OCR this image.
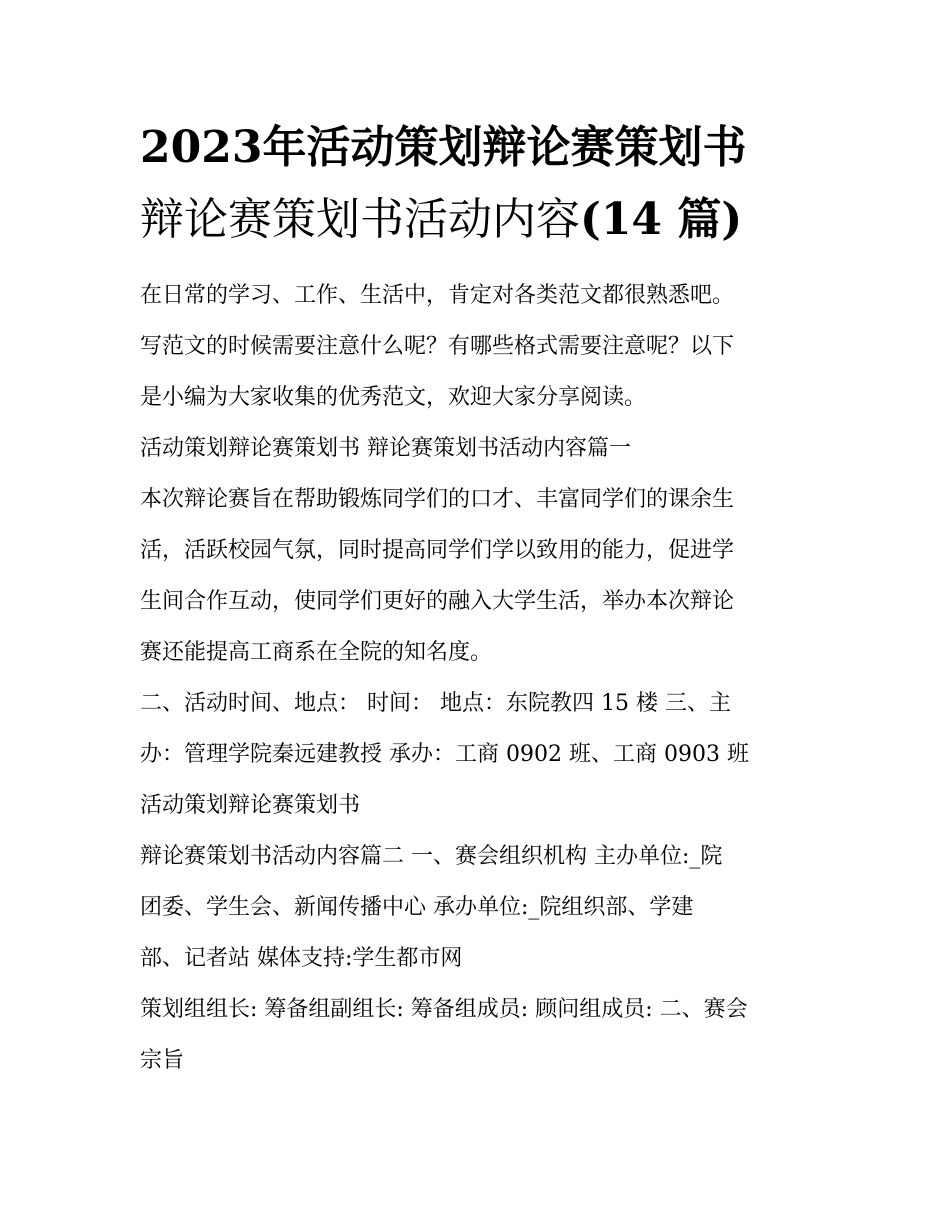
2023年活动策划辩论赛策划书
辩论赛策划书活动内容(14 篇)

在日常的学习、工作、生活中，肯定对各类范文都很熟悉吧。
写范文的时候需要注意什么呢？有哪些格式需要注意呢？以下
是小编为大家收集的优秀范文，欢迎大家分享阅读。

活动策划辩论赛策划书 辩论赛策划书活动内容篇一

本次辩论赛旨在帮助锻炼同学们的口才、丰富同学们的课余生
活，活跃校园气氛，同时提高同学们学以致用的能力，促进学
生间合作互动，使同学们更好的融入大学生活，举办本次辩论
赛还能提高工商系在全院的知名度。

二、活动时间、地点： 时间： 地点：东院教四 15 楼 三、主
办：管理学院秦远建教授 承办：工商 0902 班、工商 0903 班
活动策划辩论赛策划书

辩论赛策划书活动内容篇二 一、赛会组织机构 主办单位:_院
团委、学生会、新闻传播中心 承办单位:_院组织部、学建
部、记者站 媒体支持:学生都市网

策划组组长: 筹备组副组长: 筹备组成员: 顾问组成员: 二、赛会
宗旨
